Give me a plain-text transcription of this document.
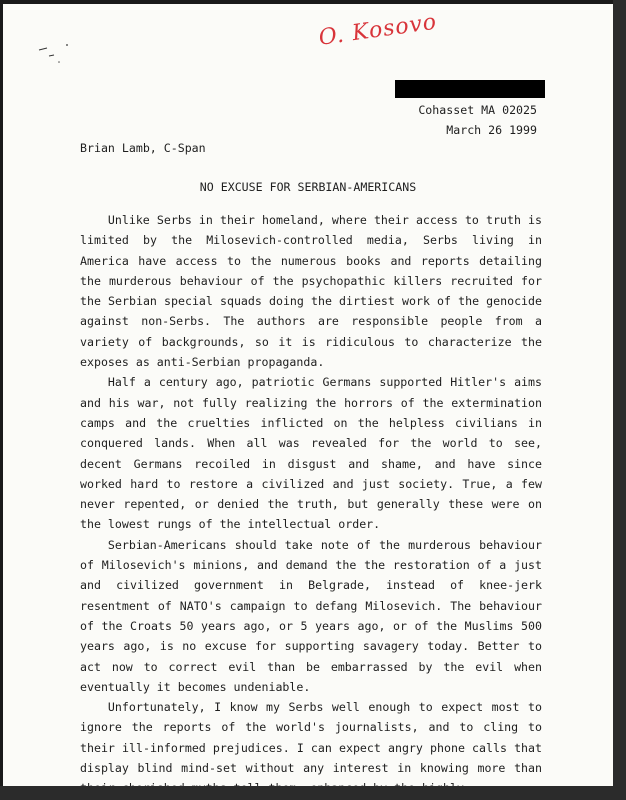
O. Kosovo
Cohasset MA 02025
March 26 1999
Brian Lamb, C-Span
NO EXCUSE FOR SERBIAN-AMERICANS

Unlike Serbs in their homeland, where their access to truth is limited by the Milosevich-controlled media, Serbs living in America have access to the numerous books and reports detailing the murderous behaviour of the psychopathic killers recruited for the Serbian special squads doing the dirtiest work of the genocide against non-Serbs. The authors are responsible people from a variety of backgrounds, so it is ridiculous to characterize the exposes as anti-Serbian propaganda.

Half a century ago, patriotic Germans supported Hitler's aims and his war, not fully realizing the horrors of the extermination camps and the cruelties inflicted on the helpless civilians in conquered lands. When all was revealed for the world to see, decent Germans recoiled in disgust and shame, and have since worked hard to restore a civilized and just society. True, a few never repented, or denied the truth, but generally these were on the lowest rungs of the intellectual order.

Serbian-Americans should take note of the murderous behaviour of Milosevich's minions, and demand the the restoration of a just and civilized government in Belgrade, instead of knee-jerk resentment of NATO's campaign to defang Milosevich. The behaviour of the Croats 50 years ago, or 5 years ago, or of the Muslims 500 years ago, is no excuse for supporting savagery today. Better to act now to correct evil than be embarrassed by the evil when eventually it becomes undeniable.

Unfortunately, I know my Serbs well enough to expect most to ignore the reports of the world's journalists, and to cling to their ill-informed prejudices. I can expect angry phone calls that display blind mind-set without any interest in knowing more than
